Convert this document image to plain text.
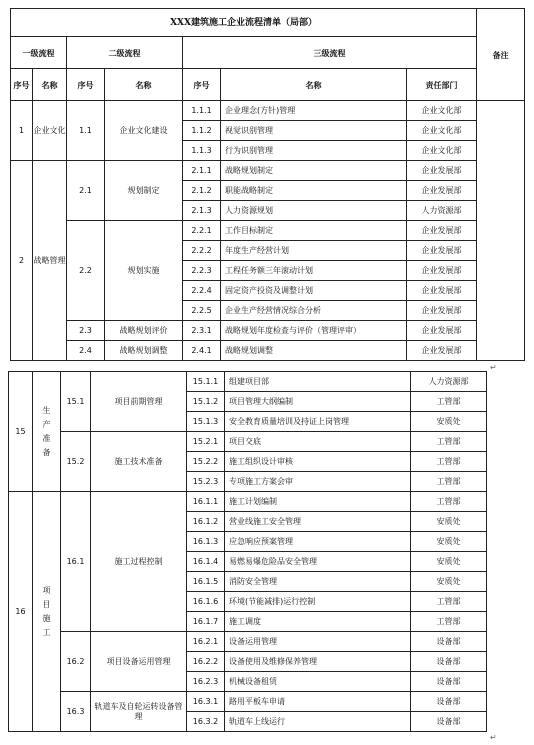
XXX建筑施工企业流程清单（局部）							备注
一级流程		二级流程		三级流程			
序号	名称	序号	名称	序号	名称	责任部门	
1	企业文化	1.1	企业文化建设	1.1.1	企业理念(方针)管理	企业文化部	
				1.1.2	视觉识别管理	企业文化部	
				1.1.3	行为识别管理	企业文化部	
2	战略管理	2.1	规划制定	2.1.1	战略规划制定	企业发展部	
				2.1.2	职能战略制定	企业发展部	
				2.1.3	人力资源规划	人力资源部	
		2.2	规划实施	2.2.1	工作目标制定	企业发展部	
				2.2.2	年度生产经营计划	企业发展部	
				2.2.3	工程任务额三年滚动计划	企业发展部	
				2.2.4	固定资产投资及调整计划	企业发展部	
				2.2.5	企业生产经营情况综合分析	企业发展部	
		2.3	战略规划评价	2.3.1	战略规划年度检查与评价（管理评审）	企业发展部	
		2.4	战略规划调整	2.4.1	战略规划调整	企业发展部	
15	生产准备	15.1	项目前期管理	15.1.1	组建项目部	人力资源部
				15.1.2	项目管理大纲编制	工管部
				15.1.3	安全教育质量培训及持证上岗管理	安质处
		15.2	施工技术准备	15.2.1	项目交底	工管部
				15.2.2	施工组织设计审核	工管部
				15.2.3	专项施工方案会审	工管部
16	项目施工	16.1	施工过程控制	16.1.1	施工计划编制	工管部
				16.1.2	营业线施工安全管理	安质处
				16.1.3	应急响应预案管理	安质处
				16.1.4	易燃易爆危险品安全管理	安质处
				16.1.5	消防安全管理	安质处
				16.1.6	环境(节能减排)运行控制	工管部
				16.1.7	施工调度	工管部
		16.2	项目设备运用管理	16.2.1	设备运用管理	设备部
				16.2.2	设备使用及维修保养管理	设备部
				16.2.3	机械设备租赁	设备部
		16.3	轨道车及自轮运转设备管理	16.3.1	路用平板车申请	设备部
				16.3.2	轨道车上线运行	设备部
↵
↵
